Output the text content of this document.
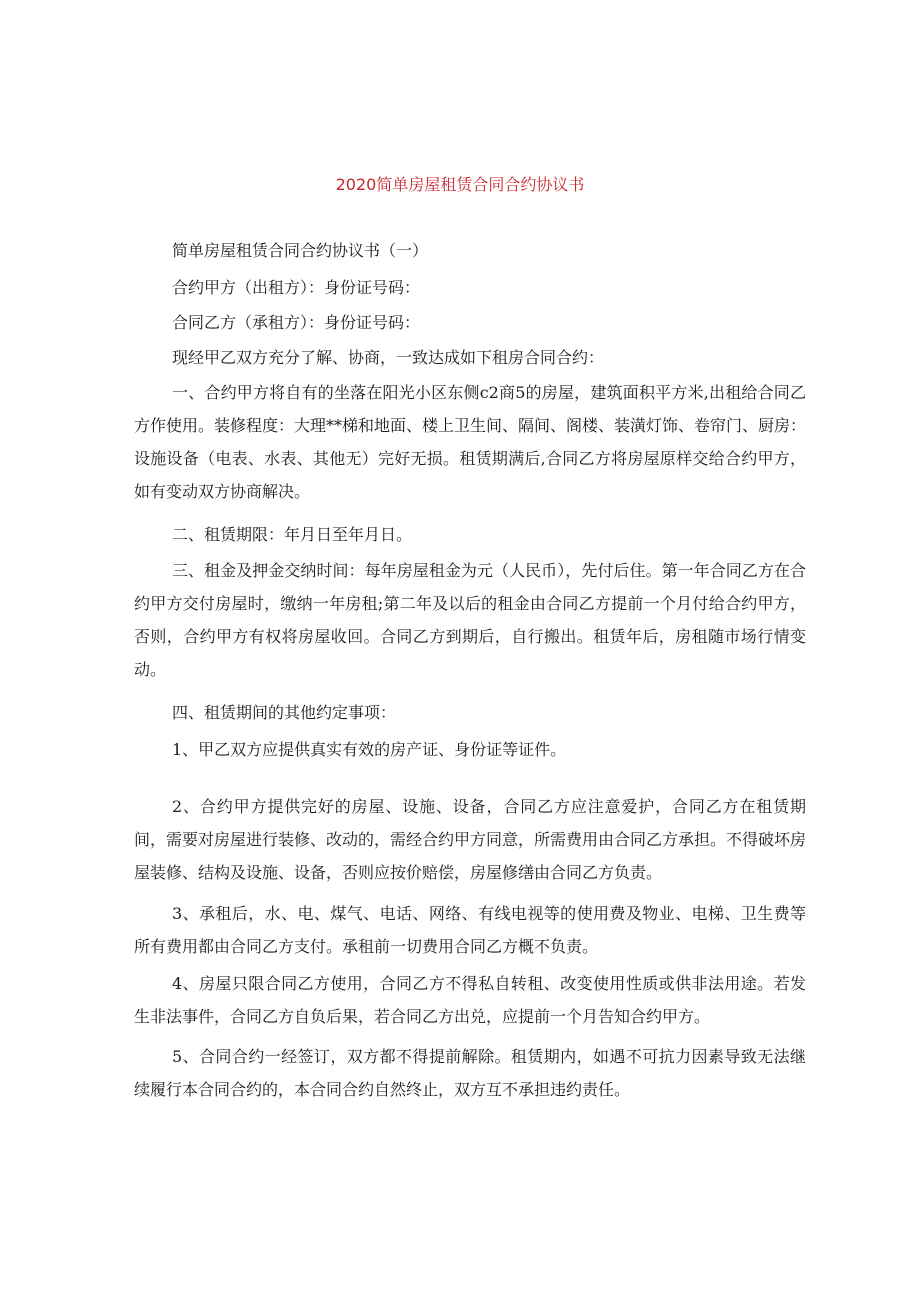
2020简单房屋租赁合同合约协议书

简单房屋租赁合同合约协议书（一）

合约甲方（出租方）：身份证号码：

合同乙方（承租方）：身份证号码：

现经甲乙双方充分了解、协商，一致达成如下租房合同合约：

一、合约甲方将自有的坐落在阳光小区东侧c2商5的房屋，建筑面积平方米,出租给合同乙方作使用。装修程度：大理**梯和地面、楼上卫生间、隔间、阁楼、装潢灯饰、卷帘门、厨房：设施设备（电表、水表、其他无）完好无损。租赁期满后,合同乙方将房屋原样交给合约甲方，如有变动双方协商解决。

二、租赁期限：年月日至年月日。

三、租金及押金交纳时间：每年房屋租金为元（人民币），先付后住。第一年合同乙方在合约甲方交付房屋时，缴纳一年房租;第二年及以后的租金由合同乙方提前一个月付给合约甲方，否则，合约甲方有权将房屋收回。合同乙方到期后，自行搬出。租赁年后，房租随市场行情变动。

四、租赁期间的其他约定事项：

1、甲乙双方应提供真实有效的房产证、身份证等证件。

2、合约甲方提供完好的房屋、设施、设备，合同乙方应注意爱护，合同乙方在租赁期间，需要对房屋进行装修、改动的，需经合约甲方同意，所需费用由合同乙方承担。不得破坏房屋装修、结构及设施、设备，否则应按价赔偿，房屋修缮由合同乙方负责。

3、承租后，水、电、煤气、电话、网络、有线电视等的使用费及物业、电梯、卫生费等所有费用都由合同乙方支付。承租前一切费用合同乙方概不负责。

4、房屋只限合同乙方使用，合同乙方不得私自转租、改变使用性质或供非法用途。若发生非法事件，合同乙方自负后果，若合同乙方出兑，应提前一个月告知合约甲方。

5、合同合约一经签订，双方都不得提前解除。租赁期内，如遇不可抗力因素导致无法继续履行本合同合约的，本合同合约自然终止，双方互不承担违约责任。
